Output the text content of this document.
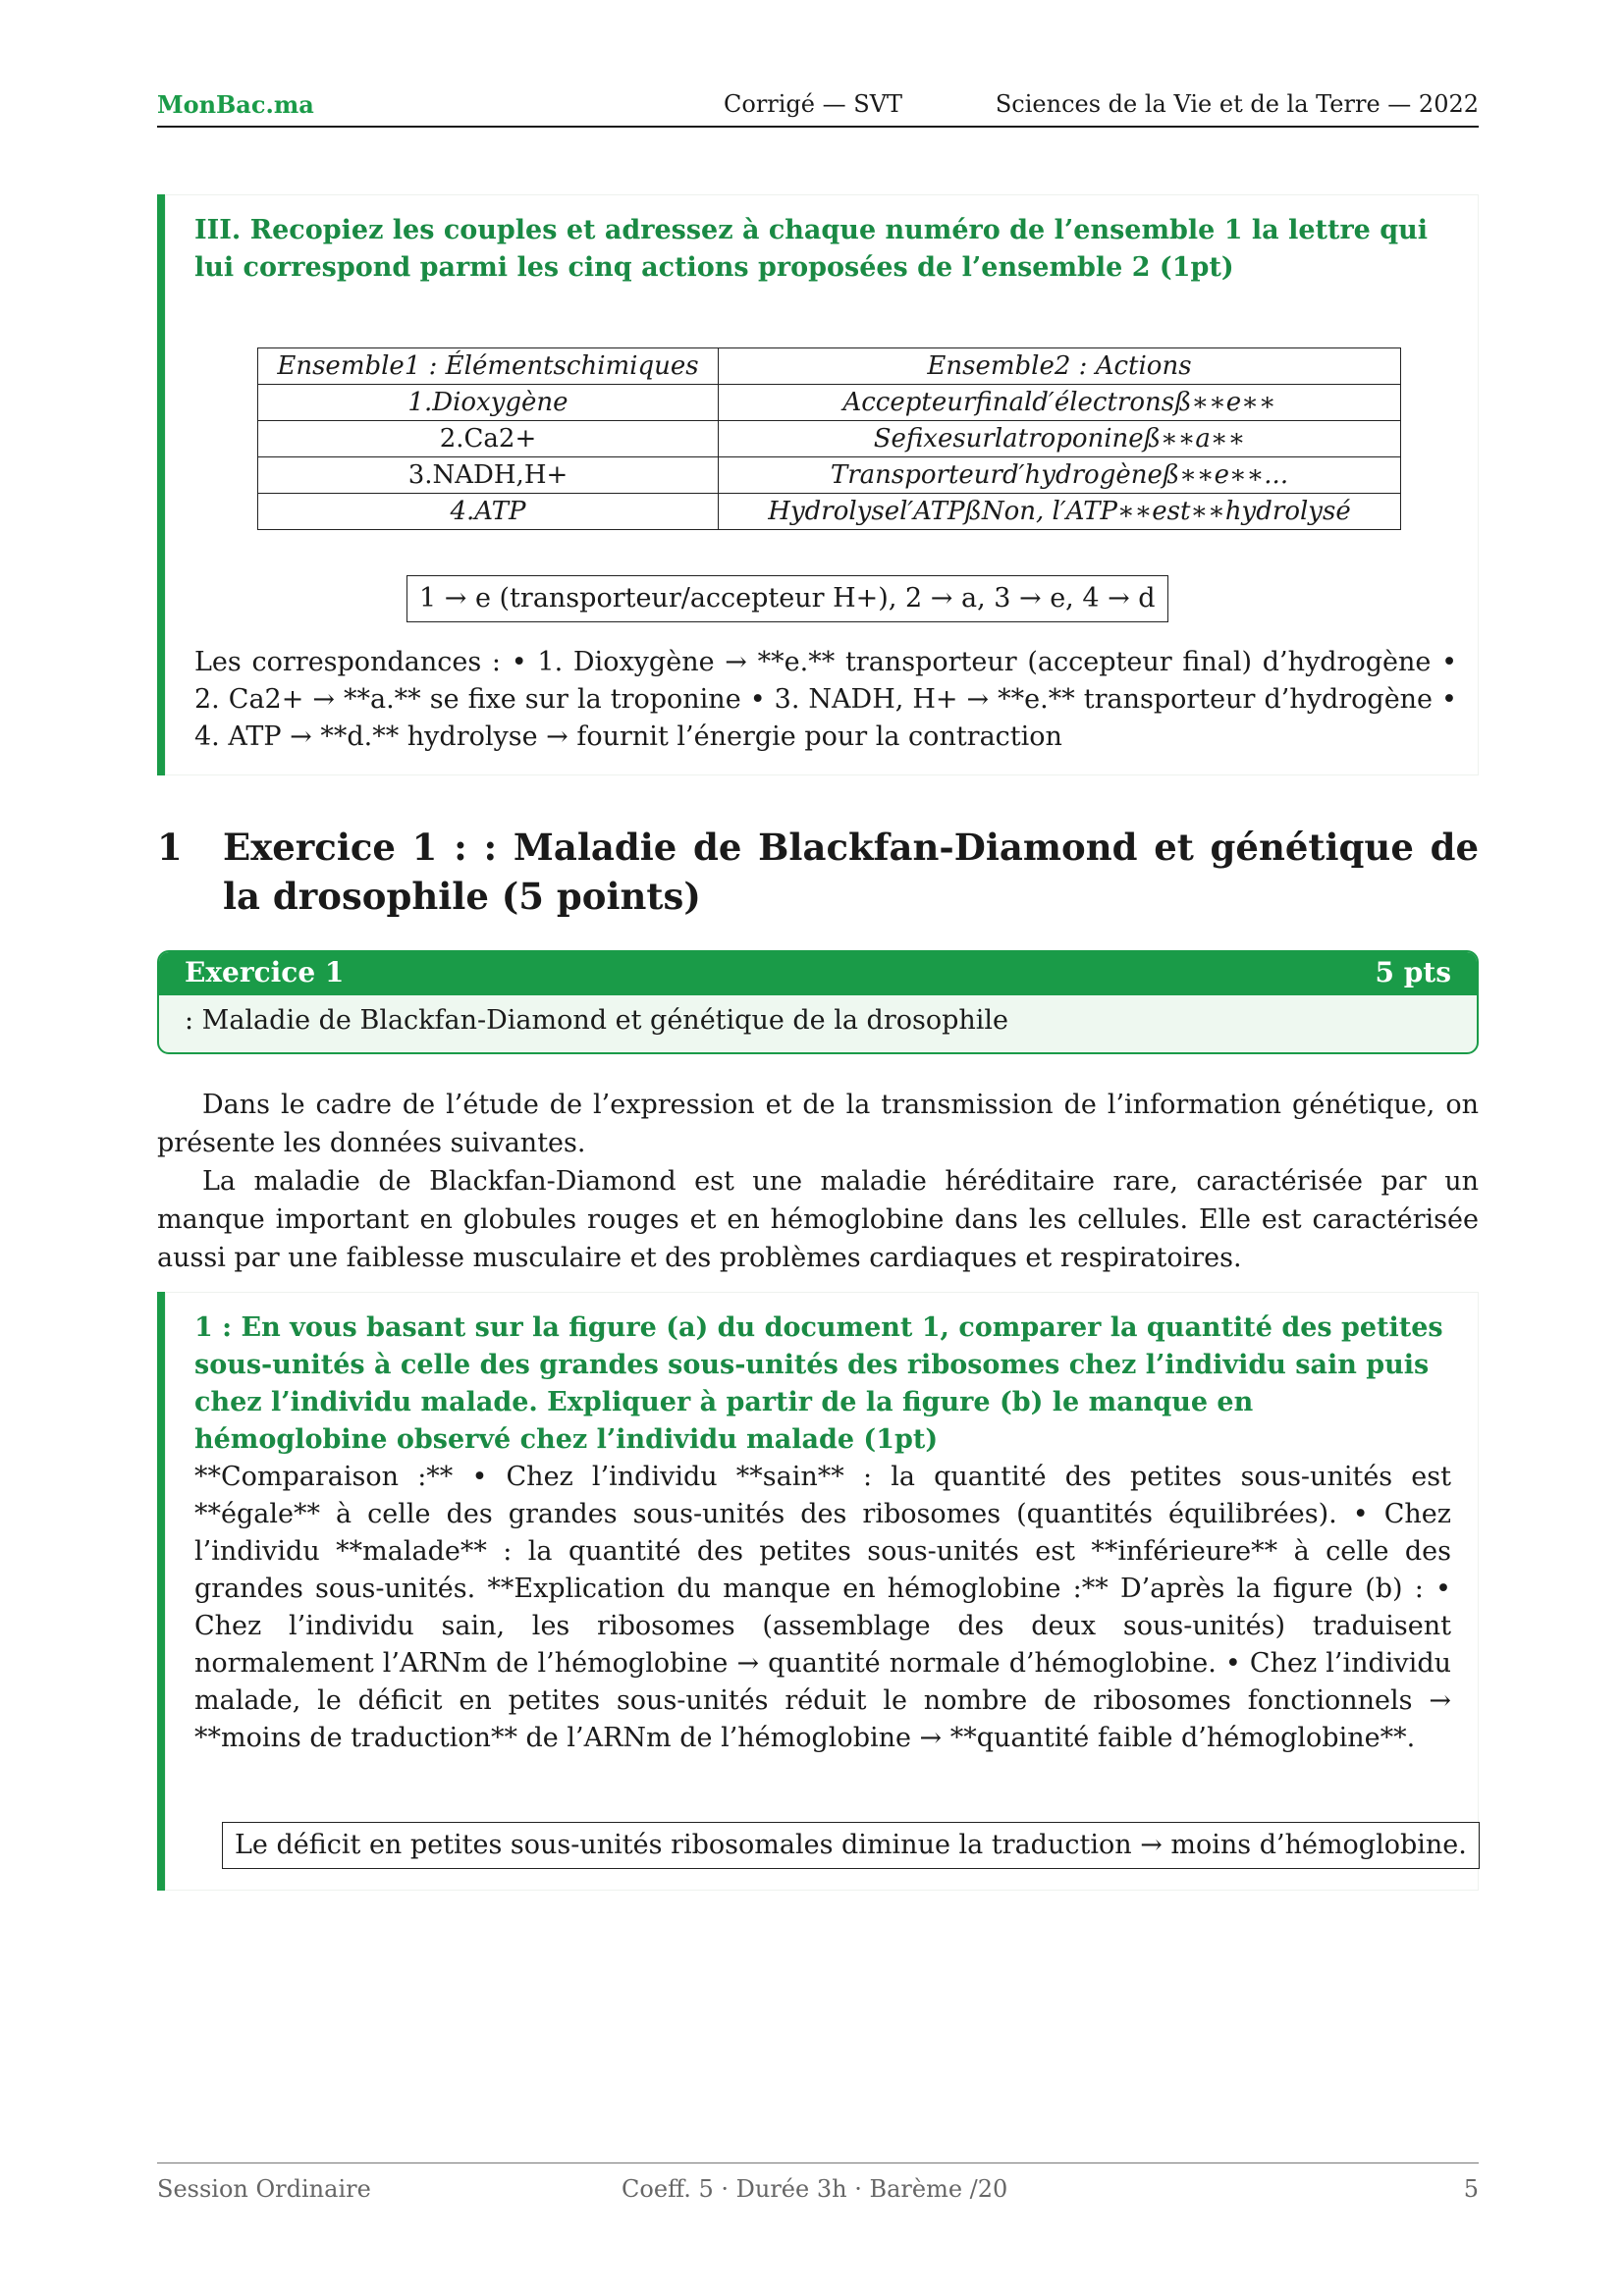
MonBac.ma	Corrigé — SVT	Sciences de la Vie et de la Terre — 2022
III. Recopiez les couples et adressez à chaque numéro de l’ensemble 1 la lettre qui lui correspond parmi les cinq actions proposées de l’ensemble 2 (1pt)
Ensemble1 : Élémentschimiques	Ensemble2 : Actions
1.Dioxygène	Accepteurfinald′électronsß∗∗e∗∗
2.Ca2+	Sefixesurlatroponineß∗∗a∗∗
3.NADH,H+	Transporteurd′hydrogèneß∗∗e∗∗...
4.ATP	Hydrolysel′ATPßNon, l′ATP∗∗est∗∗hydrolysé
1 → e (transporteur/accepteur H+), 2 → a, 3 → e, 4 → d
Les correspondances : • 1. Dioxygène → **e.** transporteur (accepteur final) d’hydrogène • 2. Ca2+ → **a.** se fixe sur la troponine • 3. NADH, H+ → **e.** transporteur d’hydrogène • 4. ATP → **d.** hydrolyse → fournit l’énergie pour la contraction
1 Exercice 1 : : Maladie de Blackfan-Diamond et génétique de la drosophile (5 points)
Exercice 1	5 pts
: Maladie de Blackfan-Diamond et génétique de la drosophile
Dans le cadre de l’étude de l’expression et de la transmission de l’information génétique, on présente les données suivantes.
La maladie de Blackfan-Diamond est une maladie héréditaire rare, caractérisée par un manque important en globules rouges et en hémoglobine dans les cellules. Elle est caractérisée aussi par une faiblesse musculaire et des problèmes cardiaques et respiratoires.
1 : En vous basant sur la figure (a) du document 1, comparer la quantité des petites sous-unités à celle des grandes sous-unités des ribosomes chez l’individu sain puis chez l’individu malade. Expliquer à partir de la figure (b) le manque en hémoglobine observé chez l’individu malade (1pt)
**Comparaison :** • Chez l’individu **sain** : la quantité des petites sous-unités est **égale** à celle des grandes sous-unités des ribosomes (quantités équilibrées). • Chez l’individu **malade** : la quantité des petites sous-unités est **inférieure** à celle des grandes sous-unités. **Explication du manque en hémoglobine :** D’après la figure (b) : • Chez l’individu sain, les ribosomes (assemblage des deux sous-unités) traduisent normalement l’ARNm de l’hémoglobine → quantité normale d’hémoglobine. • Chez l’individu malade, le déficit en petites sous-unités réduit le nombre de ribosomes fonctionnels → **moins de traduction** de l’ARNm de l’hémoglobine → **quantité faible d’hémoglobine**.
Le déficit en petites sous-unités ribosomales diminue la traduction → moins d’hémoglobine.
Session Ordinaire	Coeff. 5 · Durée 3h · Barème /20	5
